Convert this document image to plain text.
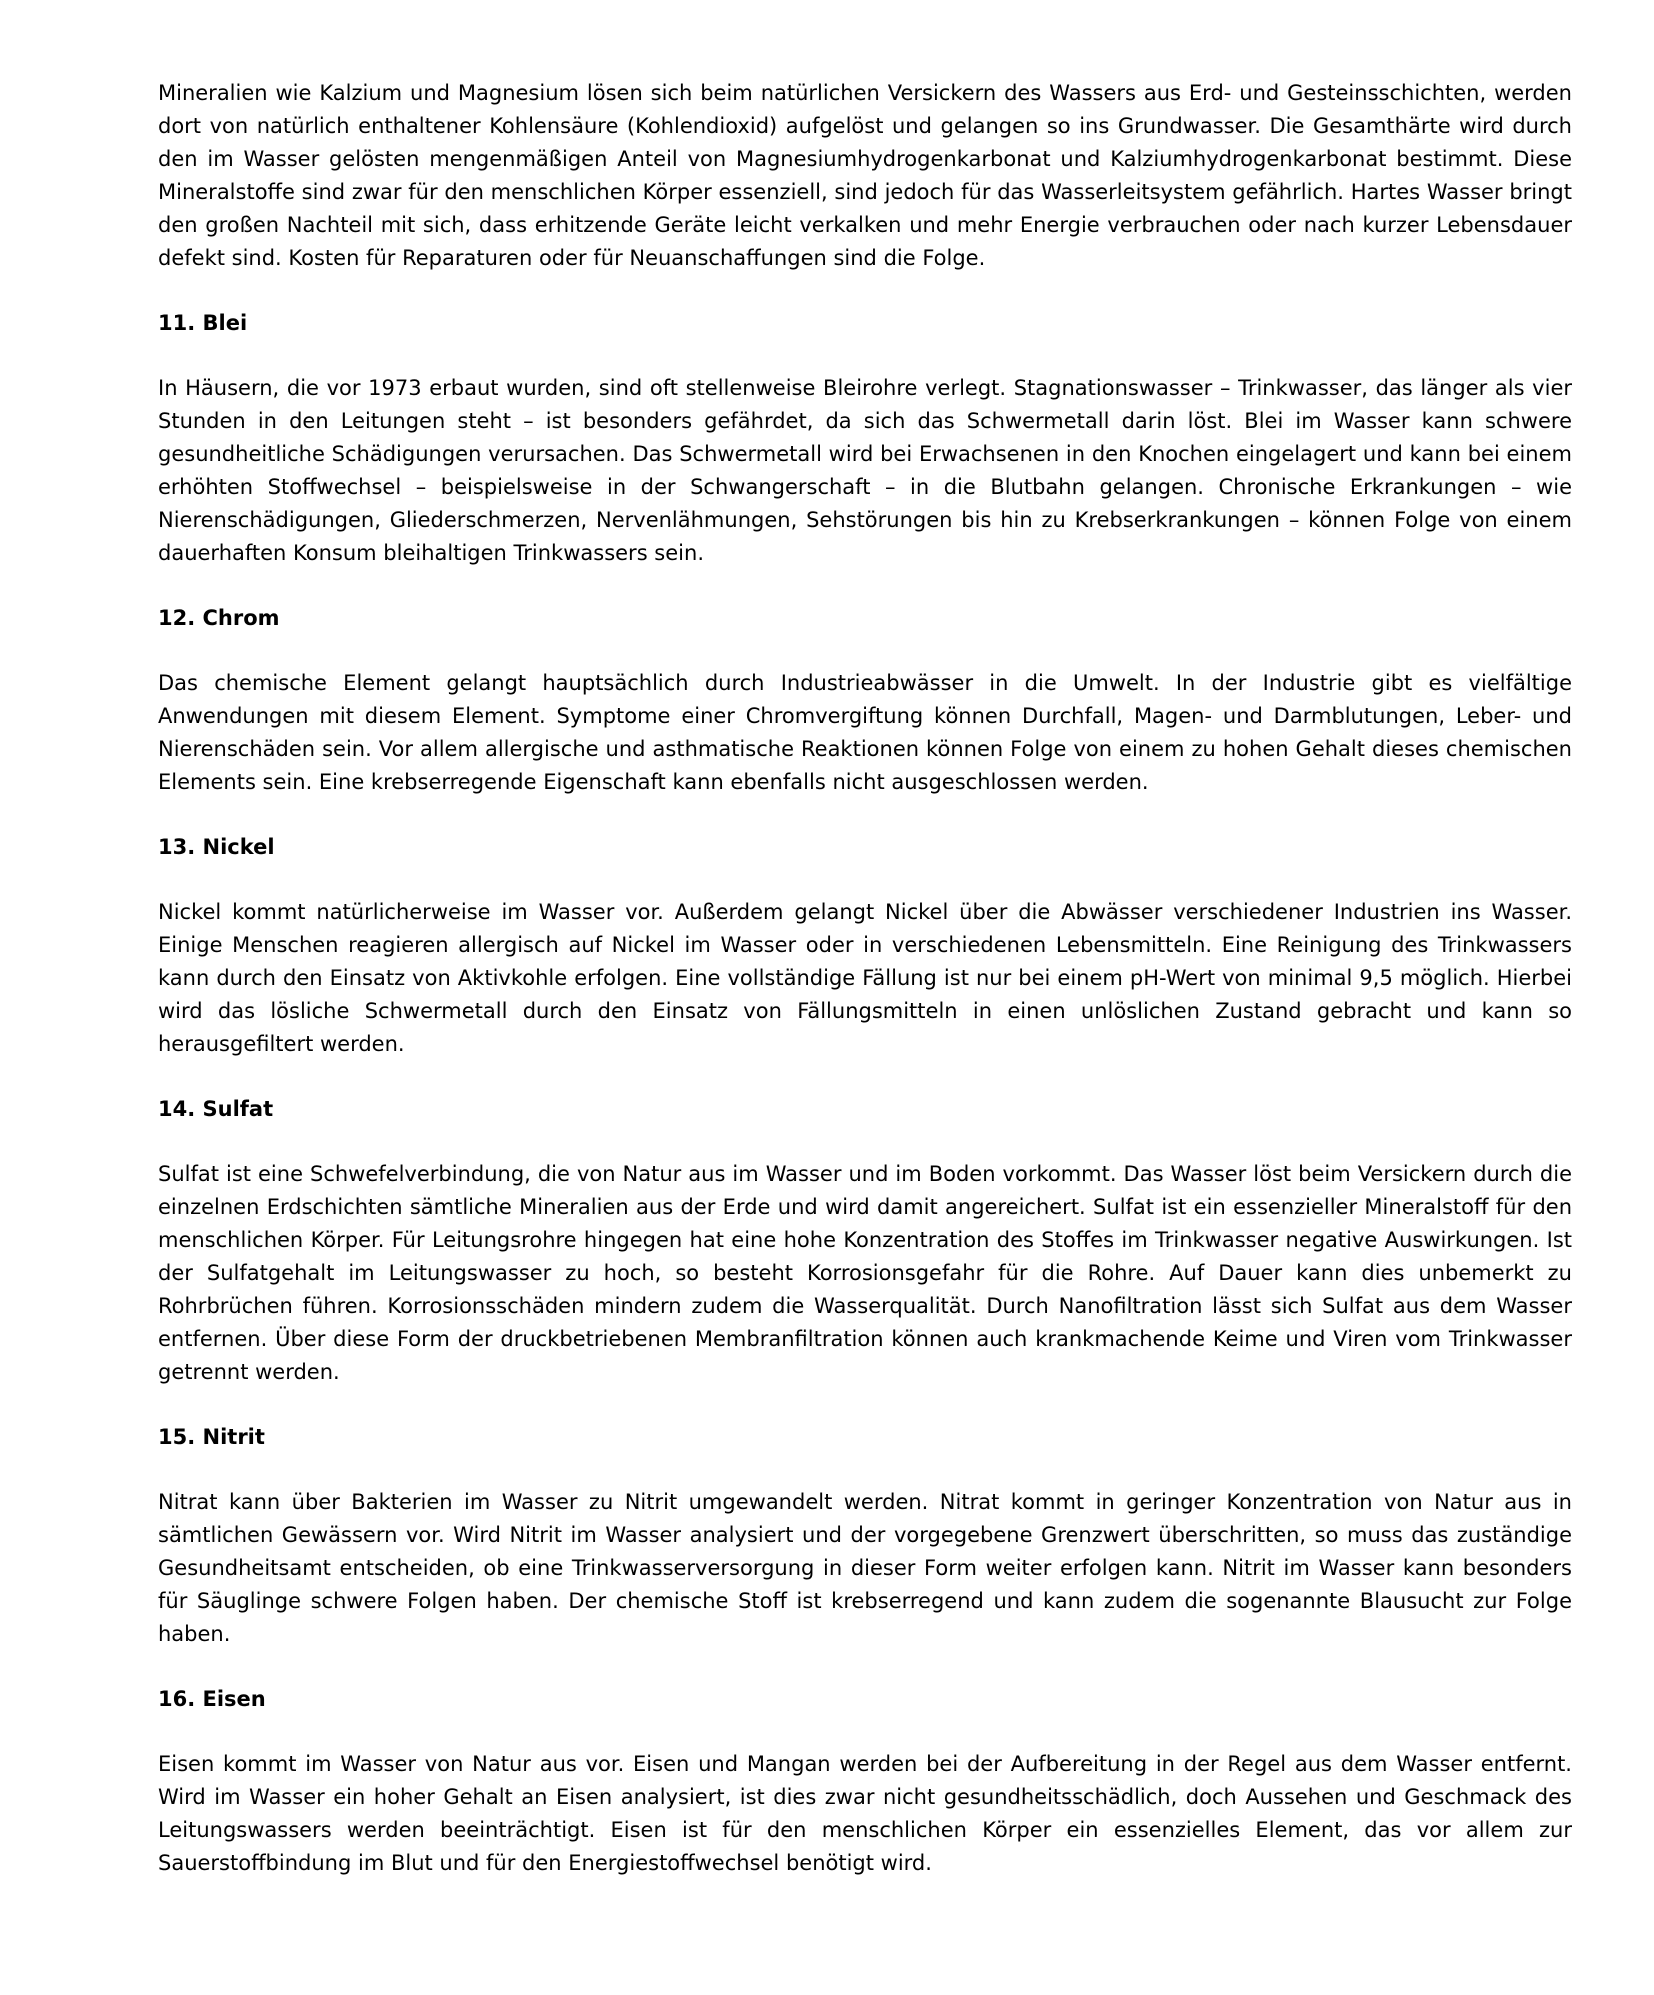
Mineralien wie Kalzium und Magnesium lösen sich beim natürlichen Versickern des Wassers aus Erd- und Gesteinsschichten, werden dort von natürlich enthaltener Kohlensäure (Kohlendioxid) aufgelöst und gelangen so ins Grundwasser. Die Gesamthärte wird durch den im Wasser gelösten mengenmäßigen Anteil von Magnesiumhydrogenkarbonat und Kalziumhydrogenkarbonat bestimmt. Diese Mineralstoffe sind zwar für den menschlichen Körper essenziell, sind jedoch für das Wasserleitsystem gefährlich. Hartes Wasser bringt den großen Nachteil mit sich, dass erhitzende Geräte leicht verkalken und mehr Energie verbrauchen oder nach kurzer Lebensdauer defekt sind. Kosten für Reparaturen oder für Neuanschaffungen sind die Folge.

11. Blei

In Häusern, die vor 1973 erbaut wurden, sind oft stellenweise Bleirohre verlegt. Stagnationswasser – Trinkwasser, das länger als vier Stunden in den Leitungen steht – ist besonders gefährdet, da sich das Schwermetall darin löst. Blei im Wasser kann schwere gesundheitliche Schädigungen verursachen. Das Schwermetall wird bei Erwachsenen in den Knochen eingelagert und kann bei einem erhöhten Stoffwechsel – beispielsweise in der Schwangerschaft – in die Blutbahn gelangen. Chronische Erkrankungen – wie Nierenschädigungen, Gliederschmerzen, Nervenlähmungen, Sehstörungen bis hin zu Krebserkrankungen – können Folge von einem dauerhaften Konsum bleihaltigen Trinkwassers sein.

12. Chrom

Das chemische Element gelangt hauptsächlich durch Industrieabwässer in die Umwelt. In der Industrie gibt es vielfältige Anwendungen mit diesem Element. Symptome einer Chromvergiftung können Durchfall, Magen- und Darmblutungen, Leber- und Nierenschäden sein. Vor allem allergische und asthmatische Reaktionen können Folge von einem zu hohen Gehalt dieses chemischen Elements sein. Eine krebserregende Eigenschaft kann ebenfalls nicht ausgeschlossen werden.

13. Nickel

Nickel kommt natürlicherweise im Wasser vor. Außerdem gelangt Nickel über die Abwässer verschiedener Industrien ins Wasser. Einige Menschen reagieren allergisch auf Nickel im Wasser oder in verschiedenen Lebensmitteln. Eine Reinigung des Trinkwassers kann durch den Einsatz von Aktivkohle erfolgen. Eine vollständige Fällung ist nur bei einem pH-Wert von minimal 9,5 möglich. Hierbei wird das lösliche Schwermetall durch den Einsatz von Fällungsmitteln in einen unlöslichen Zustand gebracht und kann so herausgefiltert werden.

14. Sulfat

Sulfat ist eine Schwefelverbindung, die von Natur aus im Wasser und im Boden vorkommt. Das Wasser löst beim Versickern durch die einzelnen Erdschichten sämtliche Mineralien aus der Erde und wird damit angereichert. Sulfat ist ein essenzieller Mineralstoff für den menschlichen Körper. Für Leitungsrohre hingegen hat eine hohe Konzentration des Stoffes im Trinkwasser negative Auswirkungen. Ist der Sulfatgehalt im Leitungswasser zu hoch, so besteht Korrosionsgefahr für die Rohre. Auf Dauer kann dies unbemerkt zu Rohrbrüchen führen. Korrosionsschäden mindern zudem die Wasserqualität. Durch Nanofiltration lässt sich Sulfat aus dem Wasser entfernen. Über diese Form der druckbetriebenen Membranfiltration können auch krankmachende Keime und Viren vom Trinkwasser getrennt werden.

15. Nitrit

Nitrat kann über Bakterien im Wasser zu Nitrit umgewandelt werden. Nitrat kommt in geringer Konzentration von Natur aus in sämtlichen Gewässern vor. Wird Nitrit im Wasser analysiert und der vorgegebene Grenzwert überschritten, so muss das zuständige Gesundheitsamt entscheiden, ob eine Trinkwasserversorgung in dieser Form weiter erfolgen kann. Nitrit im Wasser kann besonders für Säuglinge schwere Folgen haben. Der chemische Stoff ist krebserregend und kann zudem die sogenannte Blausucht zur Folge haben.

16. Eisen

Eisen kommt im Wasser von Natur aus vor. Eisen und Mangan werden bei der Aufbereitung in der Regel aus dem Wasser entfernt. Wird im Wasser ein hoher Gehalt an Eisen analysiert, ist dies zwar nicht gesundheitsschädlich, doch Aussehen und Geschmack des Leitungswassers werden beeinträchtigt. Eisen ist für den menschlichen Körper ein essenzielles Element, das vor allem zur Sauerstoffbindung im Blut und für den Energiestoffwechsel benötigt wird.
